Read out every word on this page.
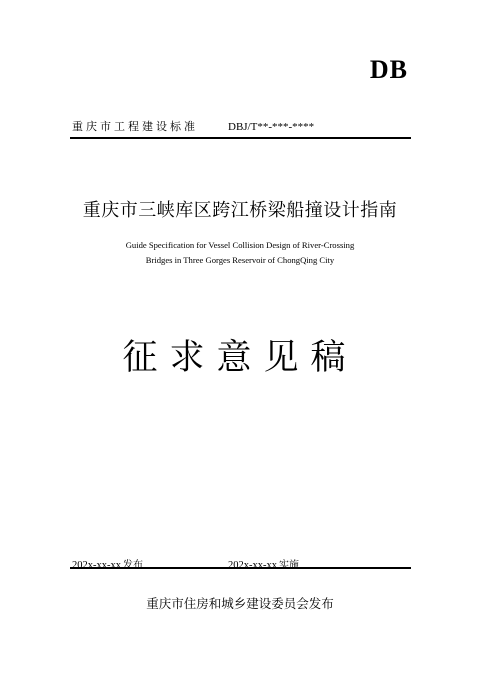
DB
重庆市工程建设标准	DBJ/T**-***-****
重庆市三峡库区跨江桥梁船撞设计指南
Guide Specification for Vessel Collision Design of River-Crossing
Bridges in Three Gorges Reservoir of ChongQing City
征求意见稿
202x-xx-xx 发布	202x-xx-xx 实施
重庆市住房和城乡建设委员会发布
